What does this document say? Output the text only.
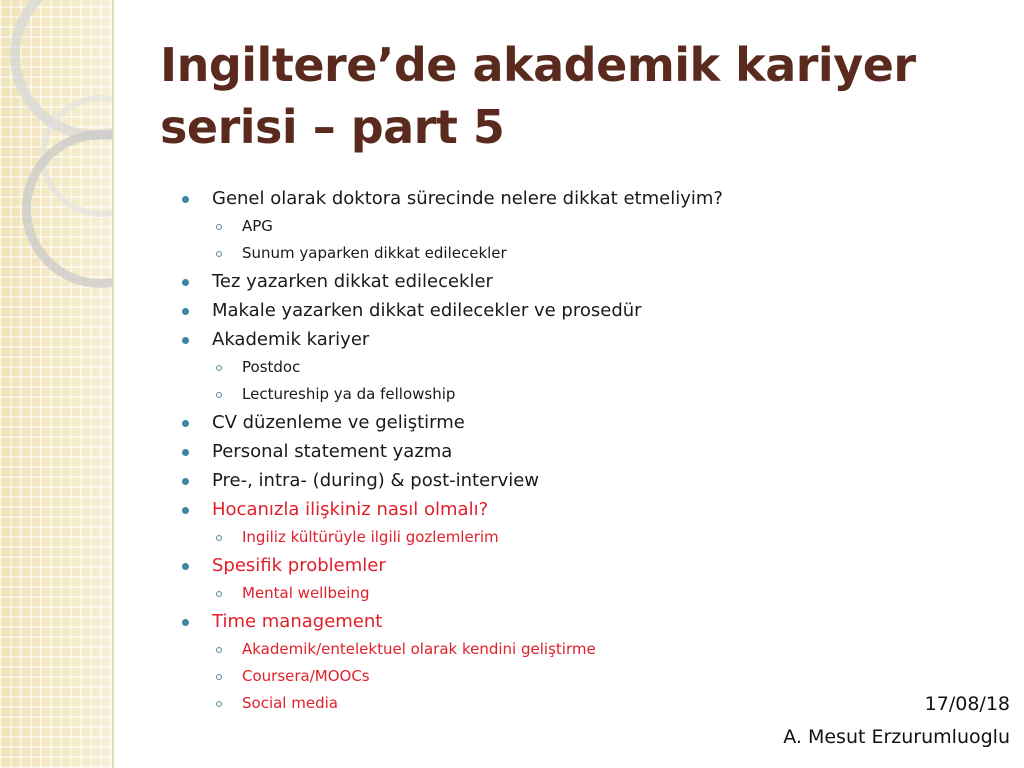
Ingiltere’de akademik kariyer
serisi – part 5
Genel olarak doktora sürecinde nelere dikkat etmeliyim?
APG
Sunum yaparken dikkat edilecekler
Tez yazarken dikkat edilecekler
Makale yazarken dikkat edilecekler ve prosedür
Akademik kariyer
Postdoc
Lectureship ya da fellowship
CV düzenleme ve geliştirme
Personal statement yazma
Pre-, intra- (during) & post-interview
Hocanızla ilişkiniz nasıl olmalı?
Ingiliz kültürüyle ilgili gozlemlerim
Spesifik problemler
Mental wellbeing
Time management
Akademik/entelektuel olarak kendini geliştirme
Coursera/MOOCs
Social media	17/08/18
A. Mesut Erzurumluoglu
